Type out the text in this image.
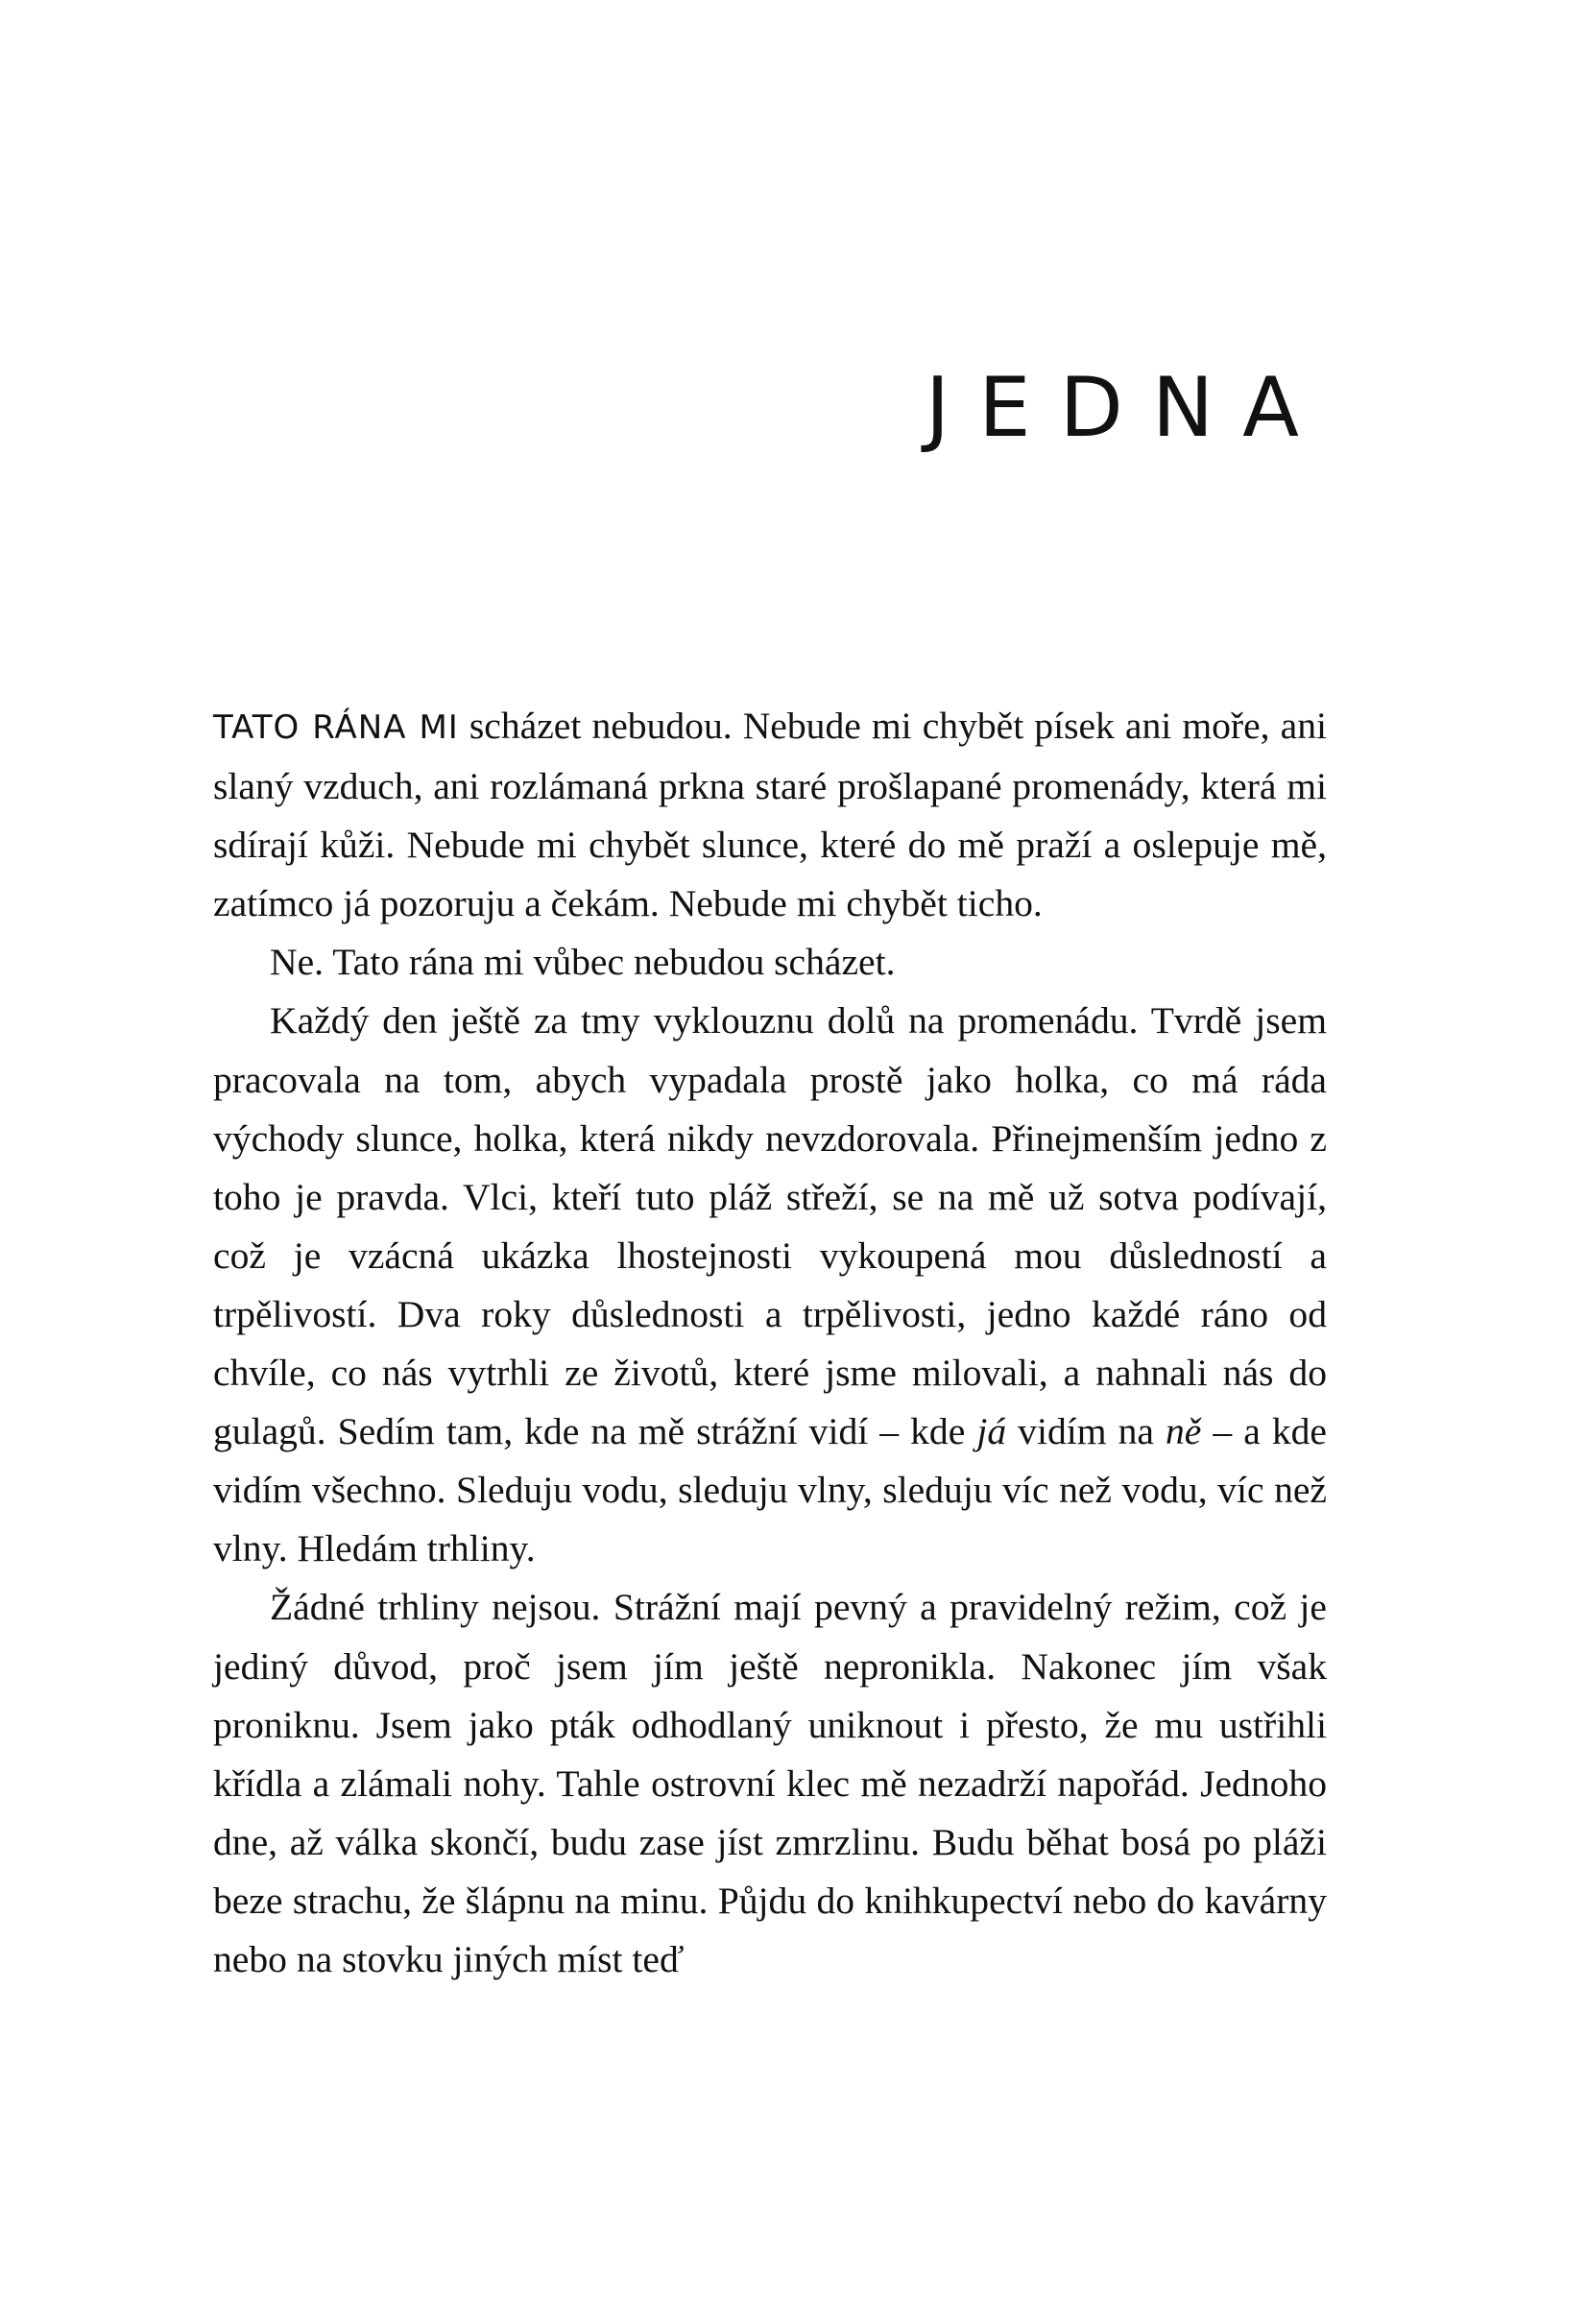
JEDNA

TATO RÁNA MI scházet nebudou. Nebude mi chybět písek ani moře, ani slaný vzduch, ani rozlámaná prkna staré prošlapané promenády, která mi sdírají kůži. Nebude mi chybět slunce, které do mě praží a oslepuje mě, zatímco já pozoruju a čekám. Nebude mi chybět ticho.

Ne. Tato rána mi vůbec nebudou scházet.

Každý den ještě za tmy vyklouznu dolů na promenádu. Tvrdě jsem pracovala na tom, abych vypadala prostě jako holka, co má ráda východy slunce, holka, která nikdy nevzdorovala. Přinejmenším jedno z toho je pravda. Vlci, kteří tuto pláž střeží, se na mě už sotva podívají, což je vzácná ukázka lhostejnosti vykoupená mou důsledností a trpělivostí. Dva roky důslednosti a trpělivosti, jedno každé ráno od chvíle, co nás vytrhli ze životů, které jsme milovali, a nahnali nás do gulagů. Sedím tam, kde na mě strážní vidí – kde já vidím na ně – a kde vidím všechno. Sleduju vodu, sleduju vlny, sleduju víc než vodu, víc než vlny. Hledám trhliny.

Žádné trhliny nejsou. Strážní mají pevný a pravidelný režim, což je jediný důvod, proč jsem jím ještě nepronikla. Nakonec jím však proniknu. Jsem jako pták odhodlaný uniknout i přesto, že mu ustřihli křídla a zlámali nohy. Tahle ostrovní klec mě nezadrží napořád. Jednoho dne, až válka skončí, budu zase jíst zmrzlinu. Budu běhat bosá po pláži beze strachu, že šlápnu na minu. Půjdu do knihkupectví nebo do kavárny nebo na stovku jiných míst teď
